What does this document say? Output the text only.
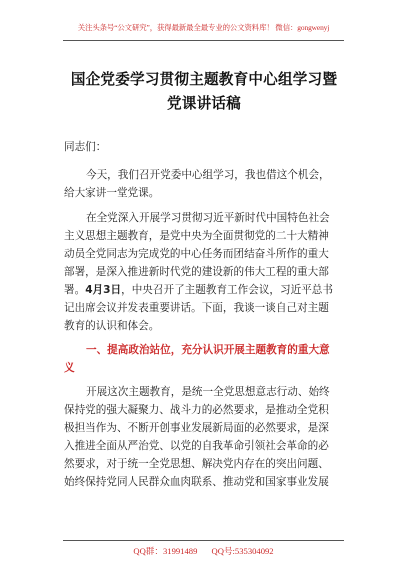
关注头条号“公文研究”，获得最新最全最专业的公文资料库！ 微信：gongwenyj
国企党委学习贯彻主题教育中心组学习暨
党课讲话稿
同志们：
今天，我们召开党委中心组学习，我也借这个机会，
给大家讲一堂党课。
在全党深入开展学习贯彻习近平新时代中国特色社会
主义思想主题教育，是党中央为全面贯彻党的二十大精神
动员全党同志为完成党的中心任务而团结奋斗所作的重大
部署，是深入推进新时代党的建设新的伟大工程的重大部
署。4月3日，中央召开了主题教育工作会议，习近平总书
记出席会议并发表重要讲话。下面，我谈一谈自己对主题
教育的认识和体会。
一、提高政治站位，充分认识开展主题教育的重大意
义
开展这次主题教育，是统一全党思想意志行动、始终
保持党的强大凝聚力、战斗力的必然要求，是推动全党积
极担当作为、不断开创事业发展新局面的必然要求，是深
入推进全面从严治党、以党的自我革命引领社会革命的必
然要求，对于统一全党思想、解决党内存在的突出问题、
始终保持党同人民群众血肉联系、推动党和国家事业发展
QQ群：31991489 QQ号:535304092
